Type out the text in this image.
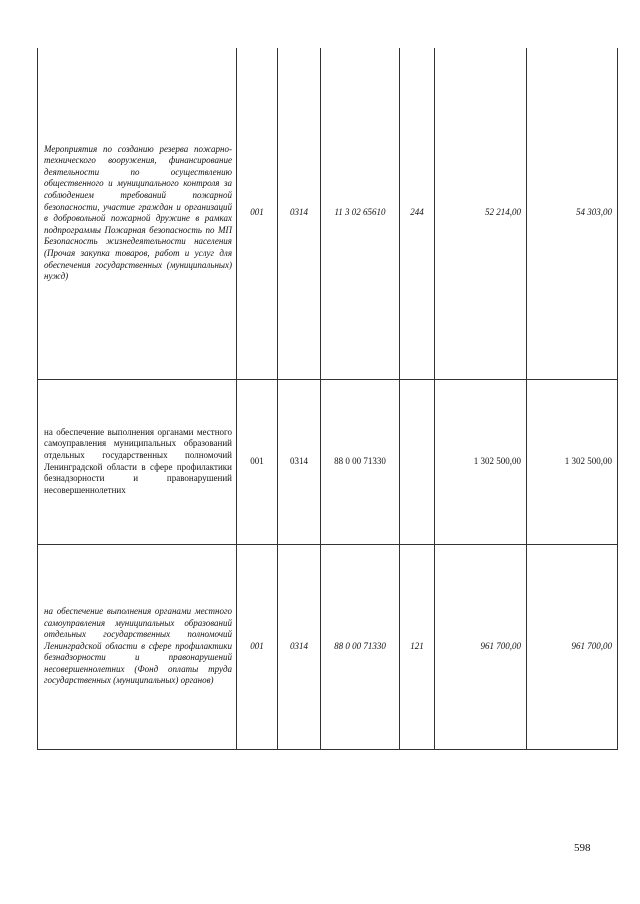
Мероприятия по созданию резерва пожарно-технического вооружения, финансирование деятельности по осуществлению общественного и муниципального контроля за соблюдением требований пожарной безопасности, участие граждан и организаций в добровольной пожарной дружине в рамках подпрограммы Пожарная безопасность по МП Безопасность жизнедеятельности населения (Прочая закупка товаров, работ и услуг для обеспечения государственных (муниципальных) нужд)	001	0314	11 3 02 65610	244	52 214,00	54 303,00
на обеспечение выполнения органами местного самоуправления муниципальных образований отдельных государственных полномочий Ленинградской области в сфере профилактики безнадзорности и правонарушений несовершеннолетних	001	0314	88 0 00 71330		1 302 500,00	1 302 500,00
на обеспечение выполнения органами местного самоуправления муниципальных образований отдельных государственных полномочий Ленинградской области в сфере профилактики безнадзорности и правонарушений несовершеннолетних (Фонд оплаты труда государственных (муниципальных) органов)	001	0314	88 0 00 71330	121	961 700,00	961 700,00
598
